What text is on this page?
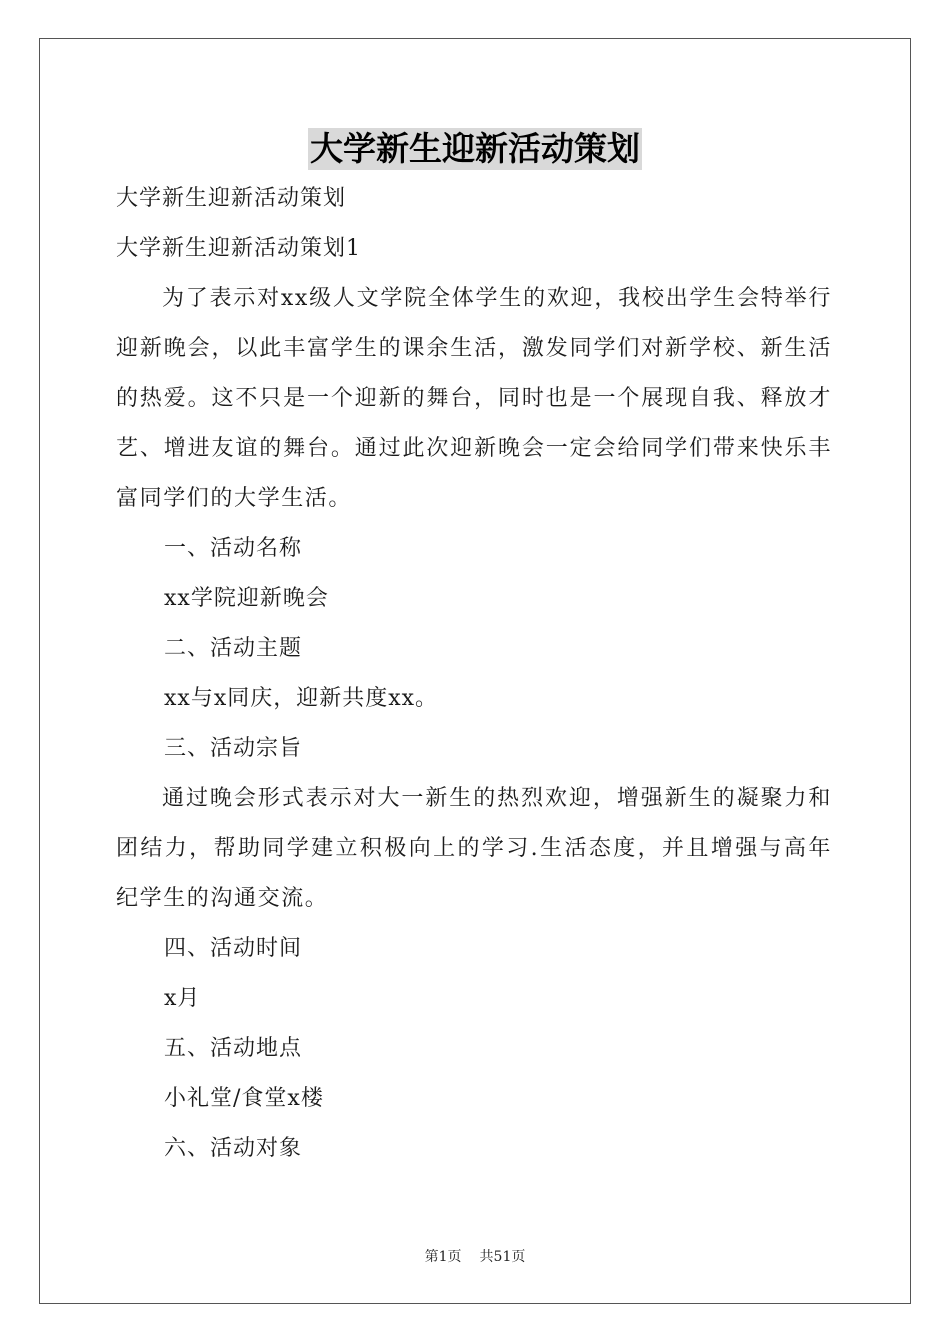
大学新生迎新活动策划
大学新生迎新活动策划
大学新生迎新活动策划1
为了表示对xx级人文学院全体学生的欢迎，我校出学生会特举行迎新晚会，以此丰富学生的课余生活，激发同学们对新学校、新生活的热爱。这不只是一个迎新的舞台，同时也是一个展现自我、释放才艺、增进友谊的舞台。通过此次迎新晚会一定会给同学们带来快乐丰富同学们的大学生活。
一、活动名称
xx学院迎新晚会
二、活动主题
xx与x同庆，迎新共度xx。
三、活动宗旨
通过晚会形式表示对大一新生的热烈欢迎，增强新生的凝聚力和团结力，帮助同学建立积极向上的学习.生活态度，并且增强与高年纪学生的沟通交流。
四、活动时间
x月
五、活动地点
小礼堂/食堂x楼
六、活动对象
第1页 共51页
